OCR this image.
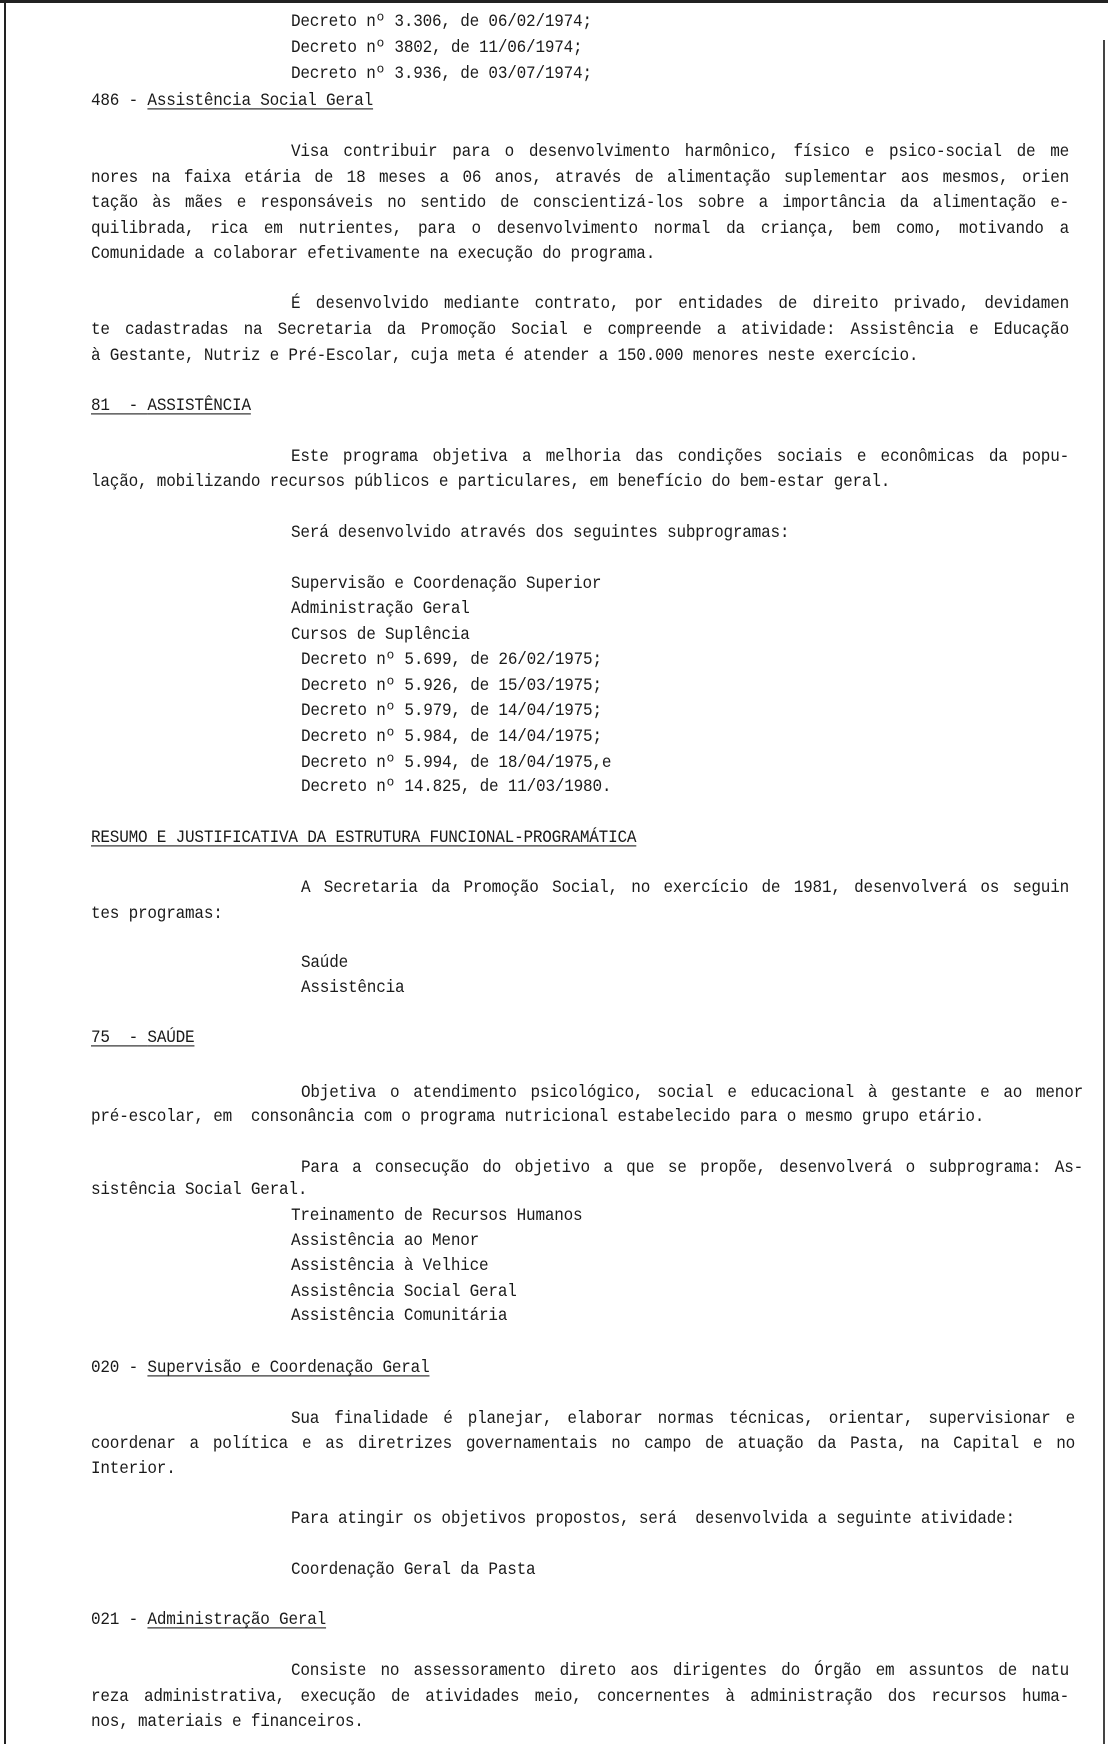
Decreto nº 3.306, de 06/02/1974;
Decreto nº 3802, de 11/06/1974;
Decreto nº 3.936, de 03/07/1974;
486 - Assistência Social Geral
Visa contribuir para o desenvolvimento harmônico, físico e psico-social de me
nores na faixa etária de 18 meses a 06 anos, através de alimentação suplementar aos mesmos, orien
tação às mães e responsáveis no sentido de conscientizá-los sobre a importância da alimentação e-
quilibrada, rica em nutrientes, para o desenvolvimento normal da criança, bem como, motivando a
Comunidade a colaborar efetivamente na execução do programa.
É desenvolvido mediante contrato, por entidades de direito privado, devidamen
te cadastradas na Secretaria da Promoção Social e compreende a atividade: Assistência e Educação
à Gestante, Nutriz e Pré-Escolar, cuja meta é atender a 150.000 menores neste exercício.
81  - ASSISTÊNCIA
Este programa objetiva a melhoria das condições sociais e econômicas da popu-
lação, mobilizando recursos públicos e particulares, em benefício do bem-estar geral.
Será desenvolvido através dos seguintes subprogramas:
Supervisão e Coordenação Superior
Administração Geral
Cursos de Suplência
Decreto nº 5.699, de 26/02/1975;
Decreto nº 5.926, de 15/03/1975;
Decreto nº 5.979, de 14/04/1975;
Decreto nº 5.984, de 14/04/1975;
Decreto nº 5.994, de 18/04/1975,e
Decreto nº 14.825, de 11/03/1980.
RESUMO E JUSTIFICATIVA DA ESTRUTURA FUNCIONAL-PROGRAMÁTICA
A Secretaria da Promoção Social, no exercício de 1981, desenvolverá os seguin
tes programas:
Saúde
Assistência
75  - SAÚDE
Objetiva o atendimento psicológico, social e educacional à gestante e ao menor
pré-escolar, em  consonância com o programa nutricional estabelecido para o mesmo grupo etário.
Para a consecução do objetivo a que se propõe, desenvolverá o subprograma: As-
sistência Social Geral.
Treinamento de Recursos Humanos
Assistência ao Menor
Assistência à Velhice
Assistência Social Geral
Assistência Comunitária
020 - Supervisão e Coordenação Geral
Sua finalidade é planejar, elaborar normas técnicas, orientar, supervisionar e
coordenar a política e as diretrizes governamentais no campo de atuação da Pasta, na Capital e no
Interior.
Para atingir os objetivos propostos, será  desenvolvida a seguinte atividade:
Coordenação Geral da Pasta
021 - Administração Geral
Consiste no assessoramento direto aos dirigentes do Órgão em assuntos de natu
reza administrativa, execução de atividades meio, concernentes à administração dos recursos huma-
nos, materiais e financeiros.
